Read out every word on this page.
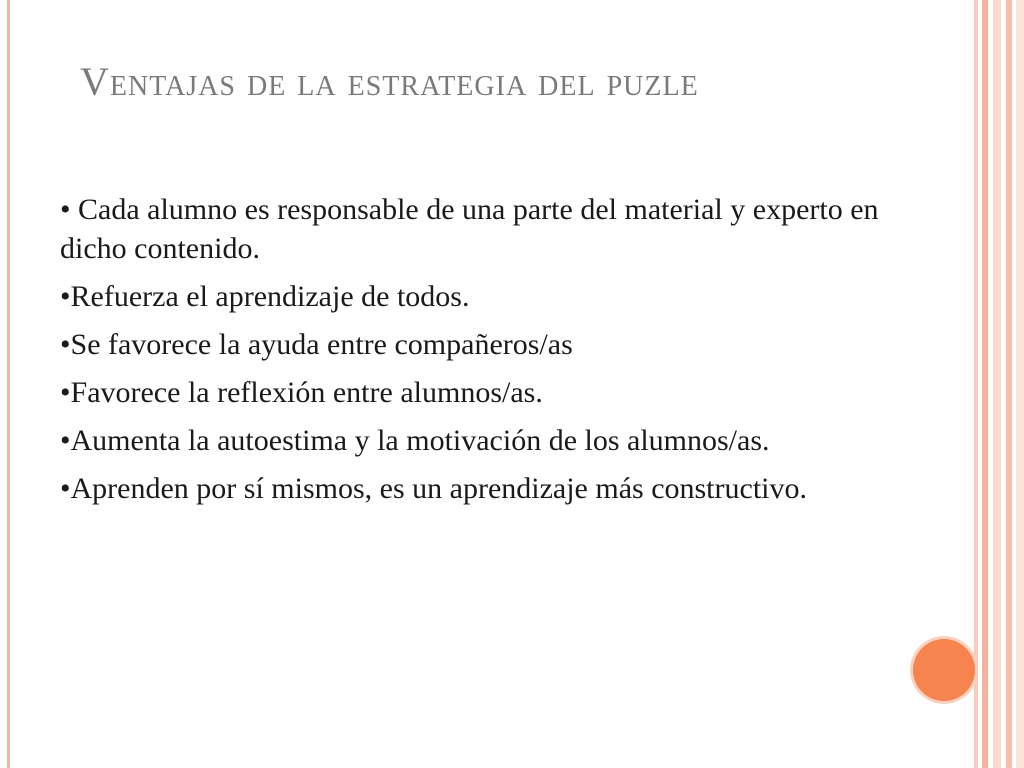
Ventajas de la estrategia del puzle
• Cada alumno es responsable de una parte del material y experto en dicho contenido.
•Refuerza el aprendizaje de todos.
•Se favorece la ayuda entre compañeros/as
•Favorece la reflexión entre alumnos/as.
•Aumenta la autoestima y la motivación de los alumnos/as.
•Aprenden por sí mismos, es un aprendizaje más constructivo.
